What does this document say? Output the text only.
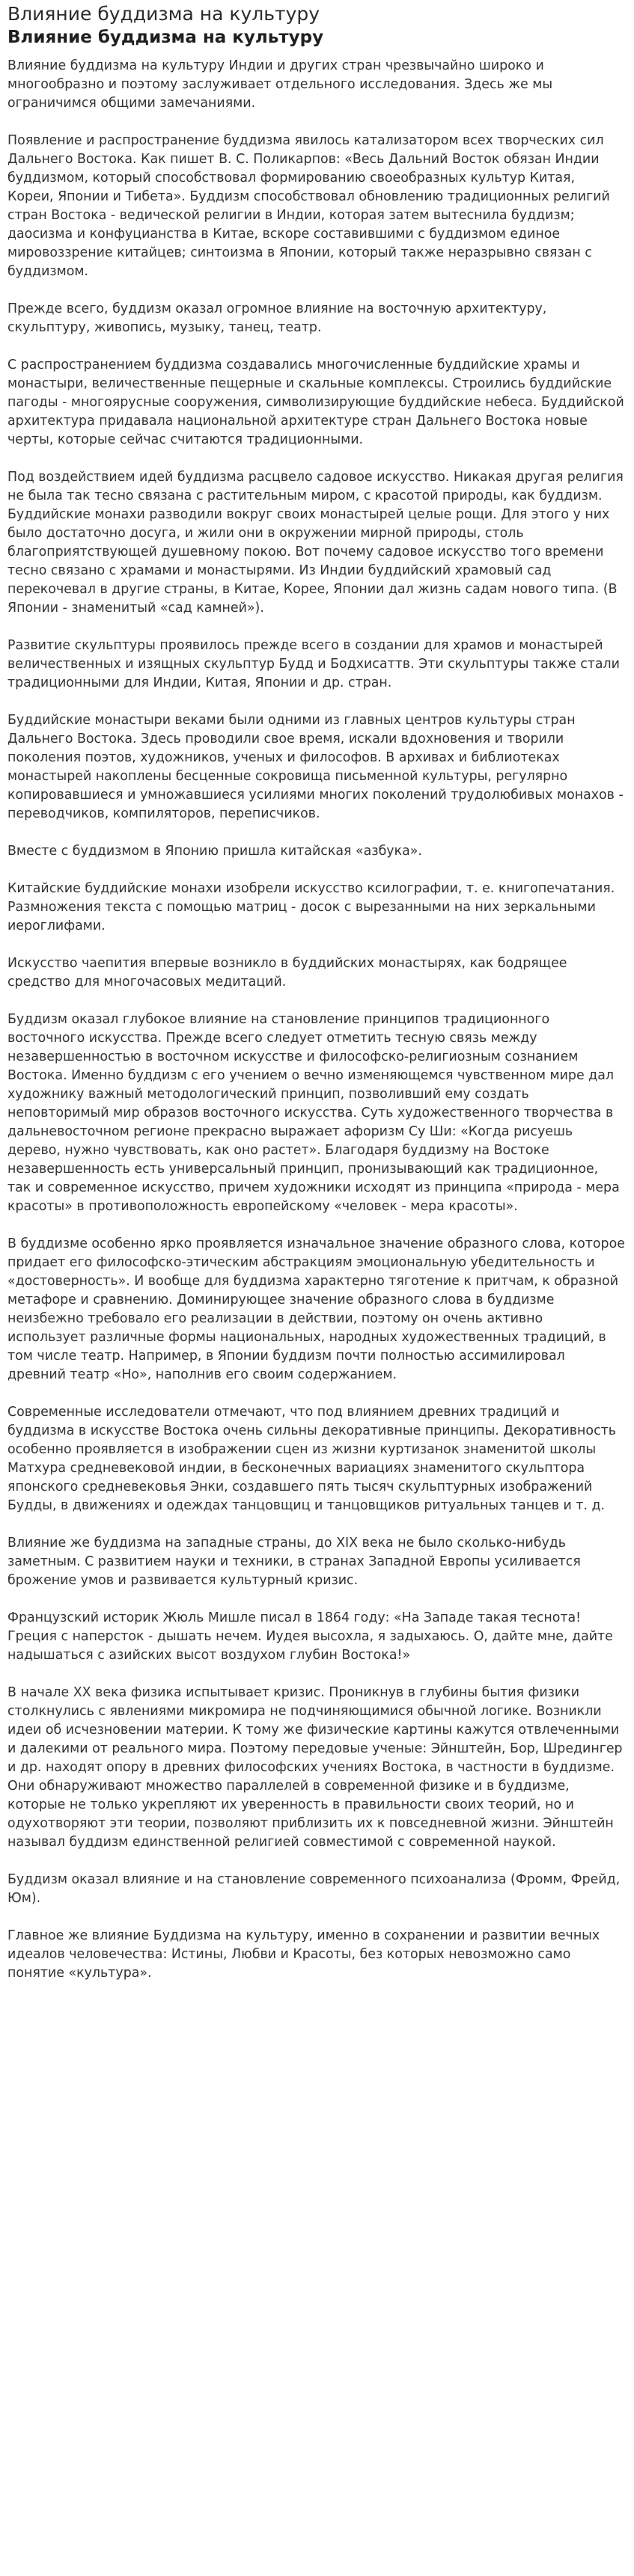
Влияние буддизма на культуру
Влияние буддизма на культуру

Влияние буддизма на культуру Индии и других стран чрезвычайно широко и многообразно и поэтому заслуживает отдельного исследования. Здесь же мы ограничимся общими замечаниями.

Появление и распространение буддизма явилось катализатором всех творческих сил Дальнего Востока. Как пишет В. С. Поликарпов: «Весь Дальний Восток обязан Индии буддизмом, который способствовал формированию своеобразных культур Китая, Кореи, Японии и Тибета». Буддизм способствовал обновлению традиционных религий стран Востока - ведической религии в Индии, которая затем вытеснила буддизм; даосизма и конфуцианства в Китае, вскоре составившими с буддизмом единое мировоззрение китайцев; синтоизма в Японии, который также неразрывно связан с буддизмом.

Прежде всего, буддизм оказал огромное влияние на восточную архитектуру, скульптуру, живопись, музыку, танец, театр.

С распространением буддизма создавались многочисленные буддийские храмы и монастыри, величественные пещерные и скальные комплексы. Строились буддийские пагоды - многоярусные сооружения, символизирующие буддийские небеса. Буддийской архитектура придавала национальной архитектуре стран Дальнего Востока новые черты, которые сейчас считаются традиционными.

Под воздействием идей буддизма расцвело садовое искусство. Никакая другая религия не была так тесно связана с растительным миром, с красотой природы, как буддизм. Буддийские монахи разводили вокруг своих монастырей целые рощи. Для этого у них было достаточно досуга, и жили они в окружении мирной природы, столь благоприятствующей душевному покою. Вот почему садовое искусство того времени тесно связано с храмами и монастырями. Из Индии буддийский храмовый сад перекочевал в другие страны, в Китае, Корее, Японии дал жизнь садам нового типа. (В Японии - знаменитый «сад камней»).

Развитие скульптуры проявилось прежде всего в создании для храмов и монастырей величественных и изящных скульптур Будд и Бодхисаттв. Эти скульптуры также стали традиционными для Индии, Китая, Японии и др. стран.

Буддийские монастыри веками были одними из главных центров культуры стран Дальнего Востока. Здесь проводили свое время, искали вдохновения и творили поколения поэтов, художников, ученых и философов. В архивах и библиотеках монастырей накоплены бесценные сокровища письменной культуры, регулярно копировавшиеся и умножавшиеся усилиями многих поколений трудолюбивых монахов - переводчиков, компиляторов, переписчиков.

Вместе с буддизмом в Японию пришла китайская «азбука».

Китайские буддийские монахи изобрели искусство ксилографии, т. е. книгопечатания. Размножения текста с помощью матриц - досок с вырезанными на них зеркальными иероглифами.

Искусство чаепития впервые возникло в буддийских монастырях, как бодрящее средство для многочасовых медитаций.

Буддизм оказал глубокое влияние на становление принципов традиционного восточного искусства. Прежде всего следует отметить тесную связь между незавершенностью в восточном искусстве и философско-религиозным сознанием Востока. Именно буддизм с его учением о вечно изменяющемся чувственном мире дал художнику важный методологический принцип, позволивший ему создать неповторимый мир образов восточного искусства. Суть художественного творчества в дальневосточном регионе прекрасно выражает афоризм Су Ши: «Когда рисуешь дерево, нужно чувствовать, как оно растет». Благодаря буддизму на Востоке незавершенность есть универсальный принцип, пронизывающий как традиционное, так и современное искусство, причем художники исходят из принципа «природа - мера красоты» в противоположность европейскому «человек - мера красоты».

В буддизме особенно ярко проявляется изначальное значение образного слова, которое придает его философско-этическим абстракциям эмоциональную убедительность и «достоверность». И вообще для буддизма характерно тяготение к притчам, к образной метафоре и сравнению. Доминирующее значение образного слова в буддизме неизбежно требовало его реализации в действии, поэтому он очень активно использует различные формы национальных, народных художественных традиций, в том числе театр. Например, в Японии буддизм почти полностью ассимилировал древний театр «Но», наполнив его своим содержанием.

Современные исследователи отмечают, что под влиянием древних традиций и буддизма в искусстве Востока очень сильны декоративные принципы. Декоративность особенно проявляется в изображении сцен из жизни куртизанок знаменитой школы Матхура средневековой индии, в бесконечных вариациях знаменитого скульптора японского средневековья Энки, создавшего пять тысяч скульптурных изображений Будды, в движениях и одеждах танцовщиц и танцовщиков ритуальных танцев и т. д.

Влияние же буддизма на западные страны, до XIX века не было сколько-нибудь заметным. С развитием науки и техники, в странах Западной Европы усиливается брожение умов и развивается культурный кризис.

Французский историк Жюль Мишле писал в 1864 году: «На Западе такая теснота! Греция с наперсток - дышать нечем. Иудея высохла, я задыхаюсь. О, дайте мне, дайте надышаться с азийских высот воздухом глубин Востока!»

В начале XX века физика испытывает кризис. Проникнув в глубины бытия физики столкнулись с явлениями микромира не подчиняющимися обычной логике. Возникли идеи об исчезновении материи. К тому же физические картины кажутся отвлеченными и далекими от реального мира. Поэтому передовые ученые: Эйнштейн, Бор, Шредингер и др. находят опору в древних философских учениях Востока, в частности в буддизме. Они обнаруживают множество параллелей в современной физике и в буддизме, которые не только укрепляют их уверенность в правильности своих теорий, но и одухотворяют эти теории, позволяют приблизить их к повседневной жизни. Эйнштейн называл буддизм единственной религией совместимой с современной наукой.

Буддизм оказал влияние и на становление современного психоанализа (Фромм, Фрейд, Юм).

Главное же влияние Буддизма на культуру, именно в сохранении и развитии вечных идеалов человечества: Истины, Любви и Красоты, без которых невозможно само понятие «культура».
